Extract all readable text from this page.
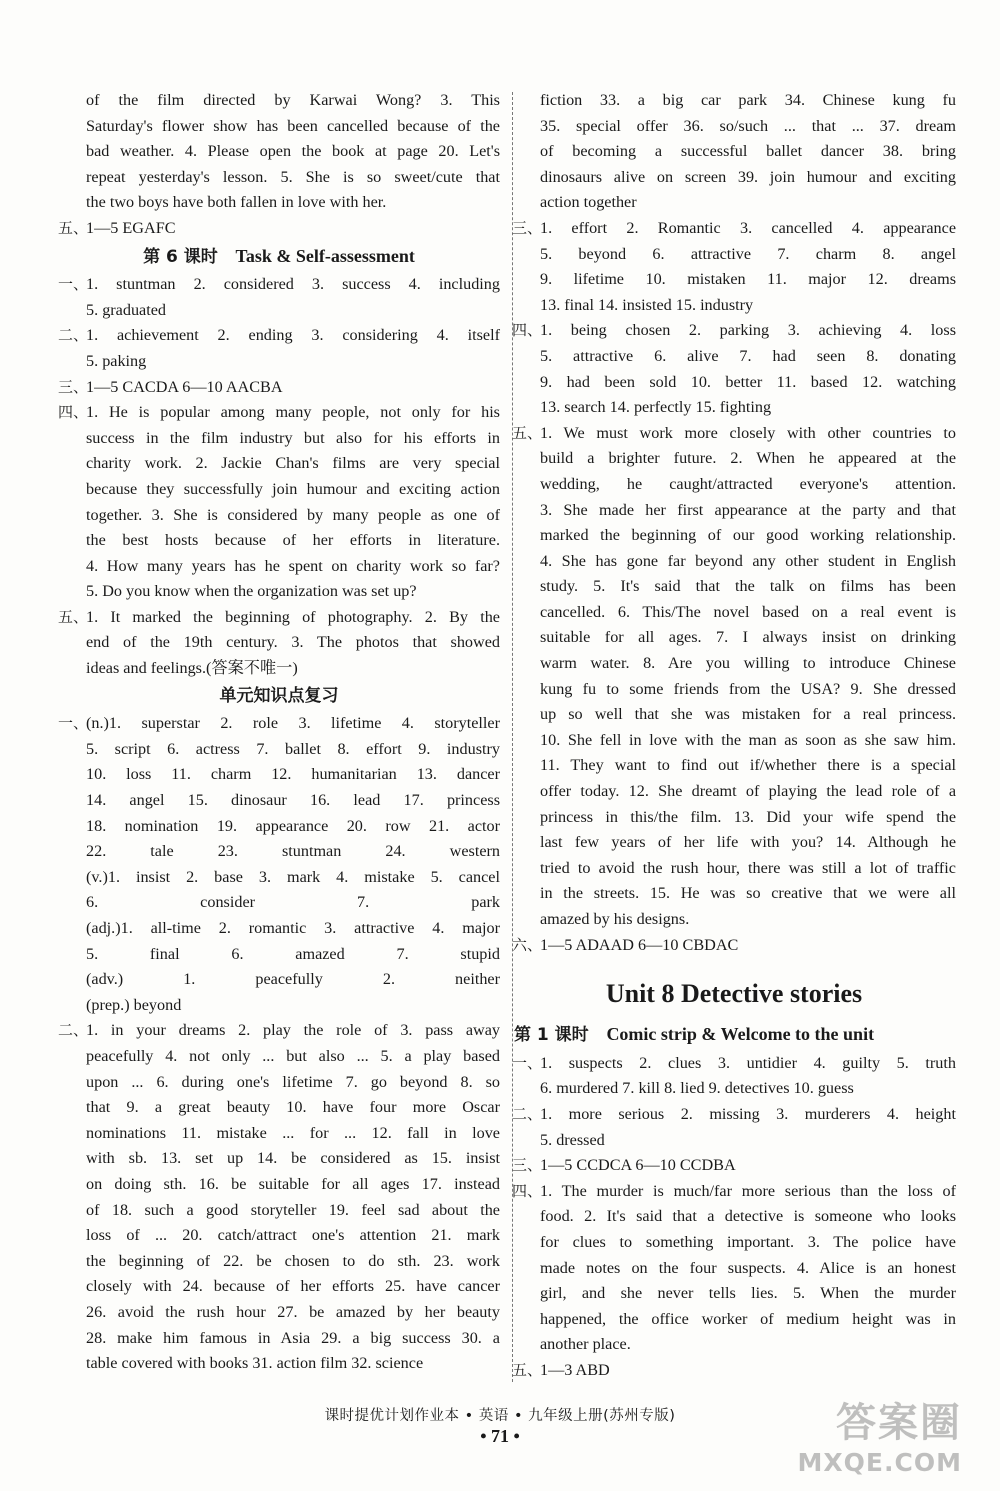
of the film directed by Karwai Wong? 3. This
Saturday's flower show has been cancelled because of the
bad weather. 4. Please open the book at page 20. Let's
repeat yesterday's lesson. 5. She is so sweet/cute that
the two boys have both fallen in love with her.
五、
1—5 EGAFC
第 6 课时 Task & Self-assessment
一、
1. stuntman 2. considered 3. success 4. including
5. graduated
二、
1. achievement 2. ending 3. considering 4. itself
5. paking
三、
1—5 CACDA 6—10 AACBA
四、
1. He is popular among many people, not only for his
success in the film industry but also for his efforts in
charity work. 2. Jackie Chan's films are very special
because they successfully join humour and exciting action
together. 3. She is considered by many people as one of
the best hosts because of her efforts in literature.
4. How many years has he spent on charity work so far?
5. Do you know when the organization was set up?
五、
1. It marked the beginning of photography. 2. By the
end of the 19th century. 3. The photos that showed
ideas and feelings.(答案不唯一)
单元知识点复习
一、
(n.)1. superstar 2. role 3. lifetime 4. storyteller
5. script 6. actress 7. ballet 8. effort 9. industry
10. loss 11. charm 12. humanitarian 13. dancer
14. angel 15. dinosaur 16. lead 17. princess
18. nomination 19. appearance 20. row 21. actor
22. tale 23. stuntman 24. western
(v.)1. insist 2. base 3. mark 4. mistake 5. cancel
6. consider 7. park
(adj.)1. all-time 2. romantic 3. attractive 4. major
5. final 6. amazed 7. stupid
(adv.) 1. peacefully 2. neither
(prep.) beyond
二、
1. in your dreams 2. play the role of 3. pass away
peacefully 4. not only ... but also ... 5. a play based
upon ... 6. during one's lifetime 7. go beyond 8. so
that 9. a great beauty 10. have four more Oscar
nominations 11. mistake ... for ... 12. fall in love
with sb. 13. set up 14. be considered as 15. insist
on doing sth. 16. be suitable for all ages 17. instead
of 18. such a good storyteller 19. feel sad about the
loss of ... 20. catch/attract one's attention 21. mark
the beginning of 22. be chosen to do sth. 23. work
closely with 24. because of her efforts 25. have cancer
26. avoid the rush hour 27. be amazed by her beauty
28. make him famous in Asia 29. a big success 30. a
table covered with books 31. action film 32. science
fiction 33. a big car park 34. Chinese kung fu
35. special offer 36. so/such ... that ... 37. dream
of becoming a successful ballet dancer 38. bring
dinosaurs alive on screen 39. join humour and exciting
action together
三、
1. effort 2. Romantic 3. cancelled 4. appearance
5. beyond 6. attractive 7. charm 8. angel
9. lifetime 10. mistaken 11. major 12. dreams
13. final 14. insisted 15. industry
四、
1. being chosen 2. parking 3. achieving 4. loss
5. attractive 6. alive 7. had seen 8. donating
9. had been sold 10. better 11. based 12. watching
13. search 14. perfectly 15. fighting
五、
1. We must work more closely with other countries to
build a brighter future. 2. When he appeared at the
wedding, he caught/attracted everyone's attention.
3. She made her first appearance at the party and that
marked the beginning of our good working relationship.
4. She has gone far beyond any other student in English
study. 5. It's said that the talk on films has been
cancelled. 6. This/The novel based on a real event is
suitable for all ages. 7. I always insist on drinking
warm water. 8. Are you willing to introduce Chinese
kung fu to some friends from the USA? 9. She dressed
up so well that she was mistaken for a real princess.
10. She fell in love with the man as soon as she saw him.
11. They want to find out if/whether there is a special
offer today. 12. She dreamt of playing the lead role of a
princess in this/the film. 13. Did your wife spend the
last few years of her life with you? 14. Although he
tried to avoid the rush hour, there was still a lot of traffic
in the streets. 15. He was so creative that we were all
amazed by his designs.
六、
1—5 ADAAD 6—10 CBDAC
Unit 8 Detective stories
第 1 课时 Comic strip & Welcome to the unit
一、
1. suspects 2. clues 3. untidier 4. guilty 5. truth
6. murdered 7. kill 8. lied 9. detectives 10. guess
二、
1. more serious 2. missing 3. murderers 4. height
5. dressed
三、
1—5 CCDCA 6—10 CCDBA
四、
1. The murder is much/far more serious than the loss of
food. 2. It's said that a detective is someone who looks
for clues to something important. 3. The police have
made notes on the four suspects. 4. Alice is an honest
girl, and she never tells lies. 5. When the murder
happened, the office worker of medium height was in
another place.
五、
1—3 ABD
课时提优计划作业本 • 英语 • 九年级上册(苏州专版)
• 71 •	答案圈
MXQE.COM
